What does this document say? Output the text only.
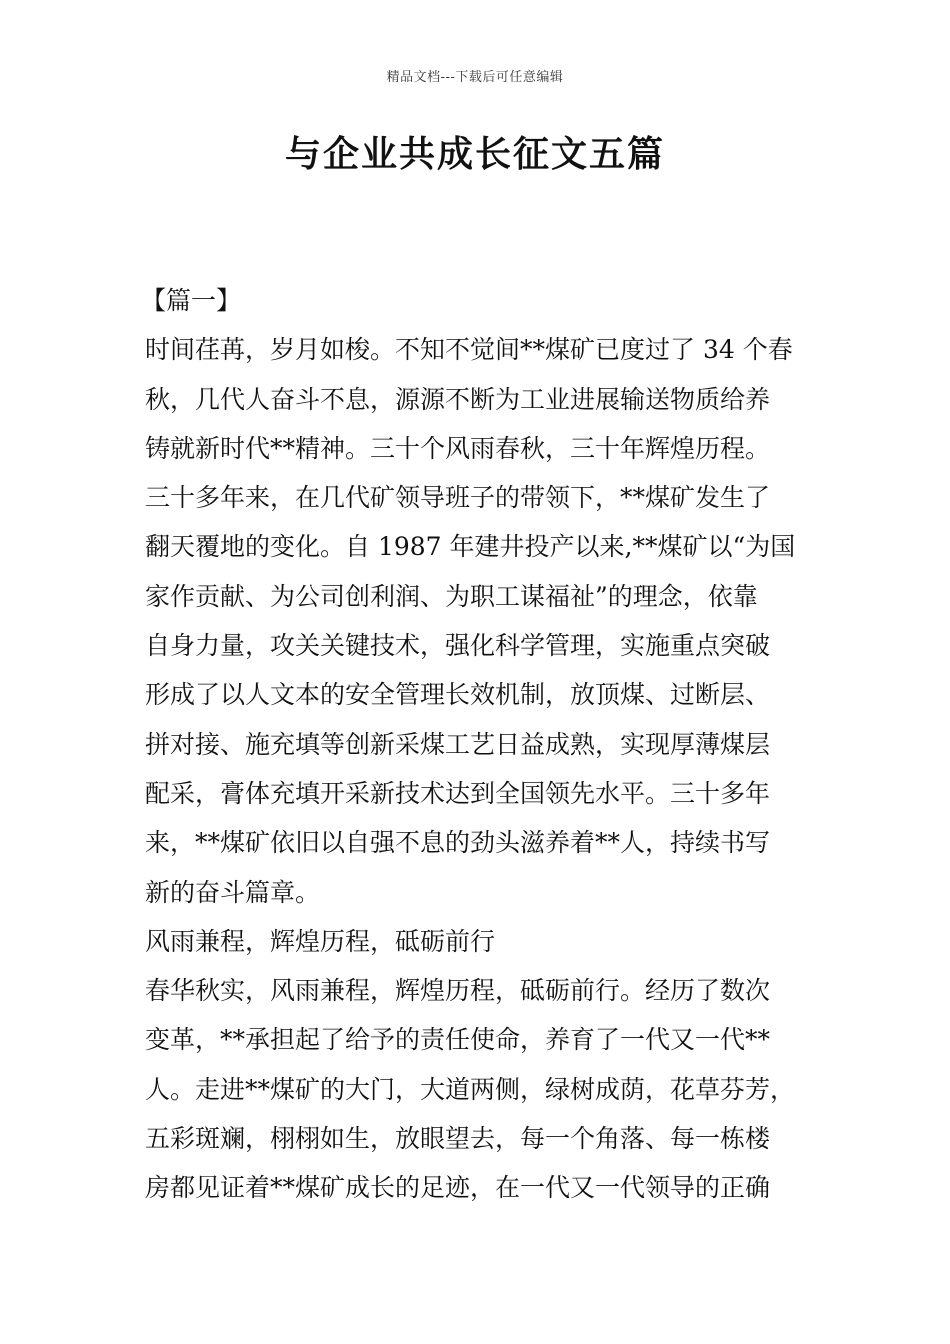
精品文档---下载后可任意编辑
与企业共成长征文五篇
【篇一】
时间荏苒，岁月如梭。不知不觉间**煤矿已度过了 34 个春
秋，几代人奋斗不息，源源不断为工业进展输送物质给养
铸就新时代**精神。三十个风雨春秋，三十年辉煌历程。
三十多年来，在几代矿领导班子的带领下，**煤矿发生了
翻天覆地的变化。自 1987 年建井投产以来,**煤矿以“为国
家作贡献、为公司创利润、为职工谋福祉”的理念，依靠
自身力量，攻关关键技术，强化科学管理，实施重点突破
形成了以人文本的安全管理长效机制，放顶煤、过断层、
拼对接、施充填等创新采煤工艺日益成熟，实现厚薄煤层
配采，膏体充填开采新技术达到全国领先水平。三十多年
来，**煤矿依旧以自强不息的劲头滋养着**人，持续书写
新的奋斗篇章。
风雨兼程，辉煌历程，砥砺前行
春华秋实，风雨兼程，辉煌历程，砥砺前行。经历了数次
变革，**承担起了给予的责任使命，养育了一代又一代**
人。走进**煤矿的大门，大道两侧，绿树成荫，花草芬芳，
五彩斑斓，栩栩如生，放眼望去，每一个角落、每一栋楼
房都见证着**煤矿成长的足迹，在一代又一代领导的正确
